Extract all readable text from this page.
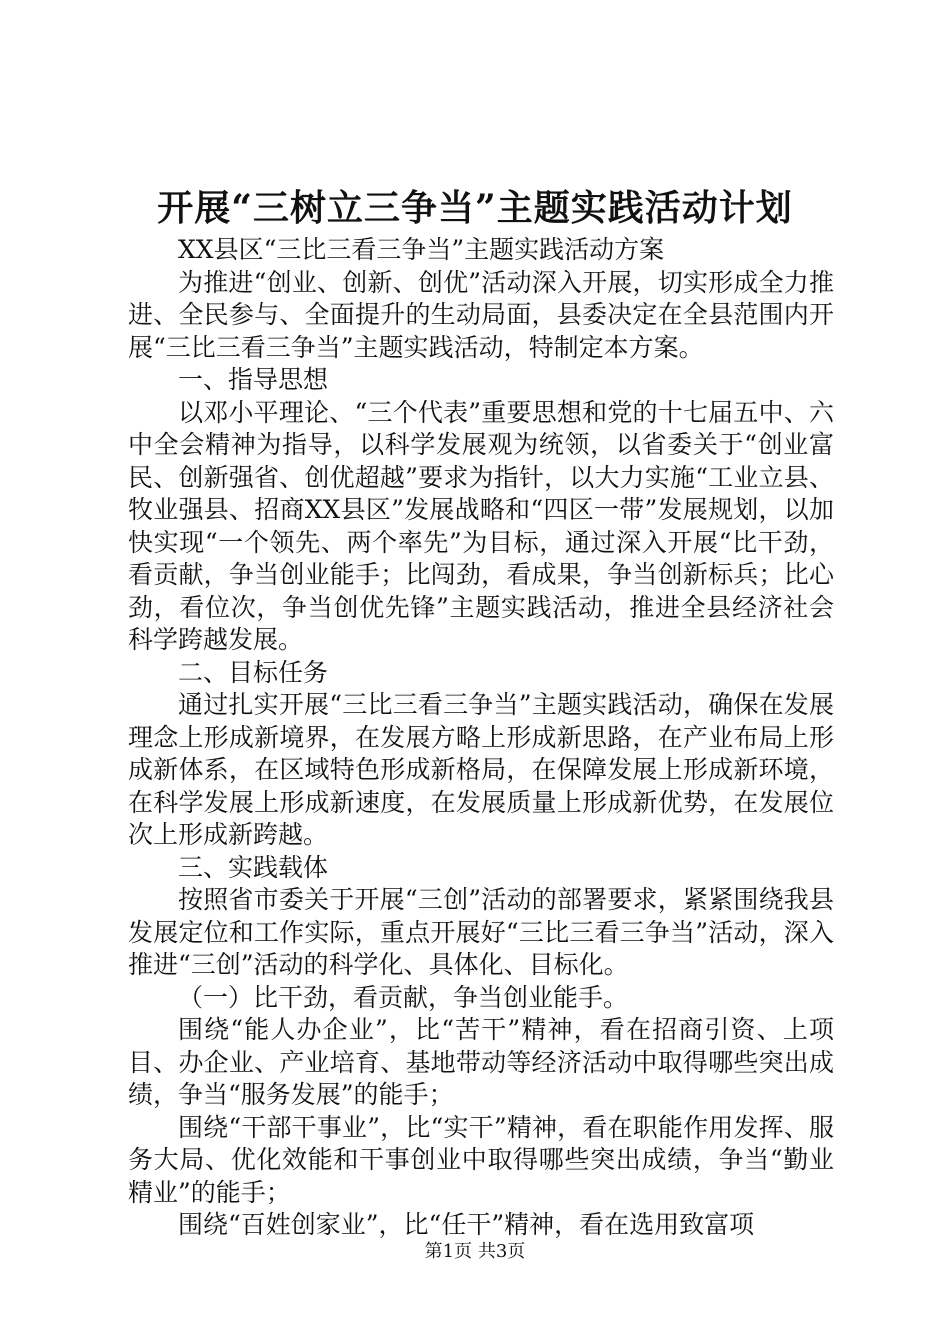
开展“三树立三争当”主题实践活动计划

XX县区“三比三看三争当”主题实践活动方案

为推进“创业、创新、创优”活动深入开展，切实形成全力推进、全民参与、全面提升的生动局面，县委决定在全县范围内开展“三比三看三争当”主题实践活动，特制定本方案。

一、指导思想

以邓小平理论、“三个代表”重要思想和党的十七届五中、六中全会精神为指导，以科学发展观为统领，以省委关于“创业富民、创新强省、创优超越”要求为指针，以大力实施“工业立县、牧业强县、招商XX县区”发展战略和“四区一带”发展规划，以加快实现“一个领先、两个率先”为目标，通过深入开展“比干劲，看贡献，争当创业能手；比闯劲，看成果，争当创新标兵；比心劲，看位次，争当创优先锋”主题实践活动，推进全县经济社会科学跨越发展。

二、目标任务

通过扎实开展“三比三看三争当”主题实践活动，确保在发展理念上形成新境界，在发展方略上形成新思路，在产业布局上形成新体系，在区域特色形成新格局，在保障发展上形成新环境，在科学发展上形成新速度，在发展质量上形成新优势，在发展位次上形成新跨越。

三、实践载体

按照省市委关于开展“三创”活动的部署要求，紧紧围绕我县发展定位和工作实际，重点开展好“三比三看三争当”活动，深入推进“三创”活动的科学化、具体化、目标化。

（一）比干劲，看贡献，争当创业能手。

围绕“能人办企业”，比“苦干”精神，看在招商引资、上项目、办企业、产业培育、基地带动等经济活动中取得哪些突出成绩，争当“服务发展”的能手；

围绕“干部干事业”，比“实干”精神，看在职能作用发挥、服务大局、优化效能和干事创业中取得哪些突出成绩，争当“勤业精业”的能手；

围绕“百姓创家业”，比“任干”精神，看在选用致富项

第1页 共3页
